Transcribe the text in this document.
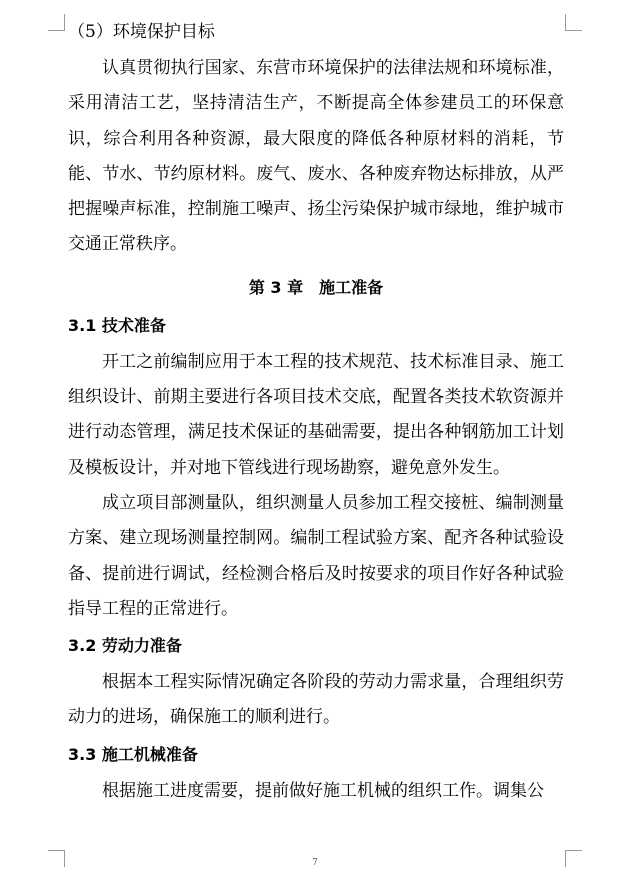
（5）环境保护目标

认真贯彻执行国家、东营市环境保护的法律法规和环境标准，采用清洁工艺，坚持清洁生产，不断提高全体参建员工的环保意识，综合利用各种资源，最大限度的降低各种原材料的消耗，节能、节水、节约原材料。废气、废水、各种废弃物达标排放，从严把握噪声标准，控制施工噪声、扬尘污染保护城市绿地，维护城市交通正常秩序。

第 3 章　施工准备
3.1 技术准备

开工之前编制应用于本工程的技术规范、技术标准目录、施工组织设计、前期主要进行各项目技术交底，配置各类技术软资源并进行动态管理，满足技术保证的基础需要，提出各种钢筋加工计划及模板设计，并对地下管线进行现场勘察，避免意外发生。

成立项目部测量队，组织测量人员参加工程交接桩、编制测量方案、建立现场测量控制网。编制工程试验方案、配齐各种试验设备、提前进行调试，经检测合格后及时按要求的项目作好各种试验指导工程的正常进行。

3.2 劳动力准备

根据本工程实际情况确定各阶段的劳动力需求量，合理组织劳动力的进场，确保施工的顺利进行。

3.3 施工机械准备

根据施工进度需要，提前做好施工机械的组织工作。调集公

7
